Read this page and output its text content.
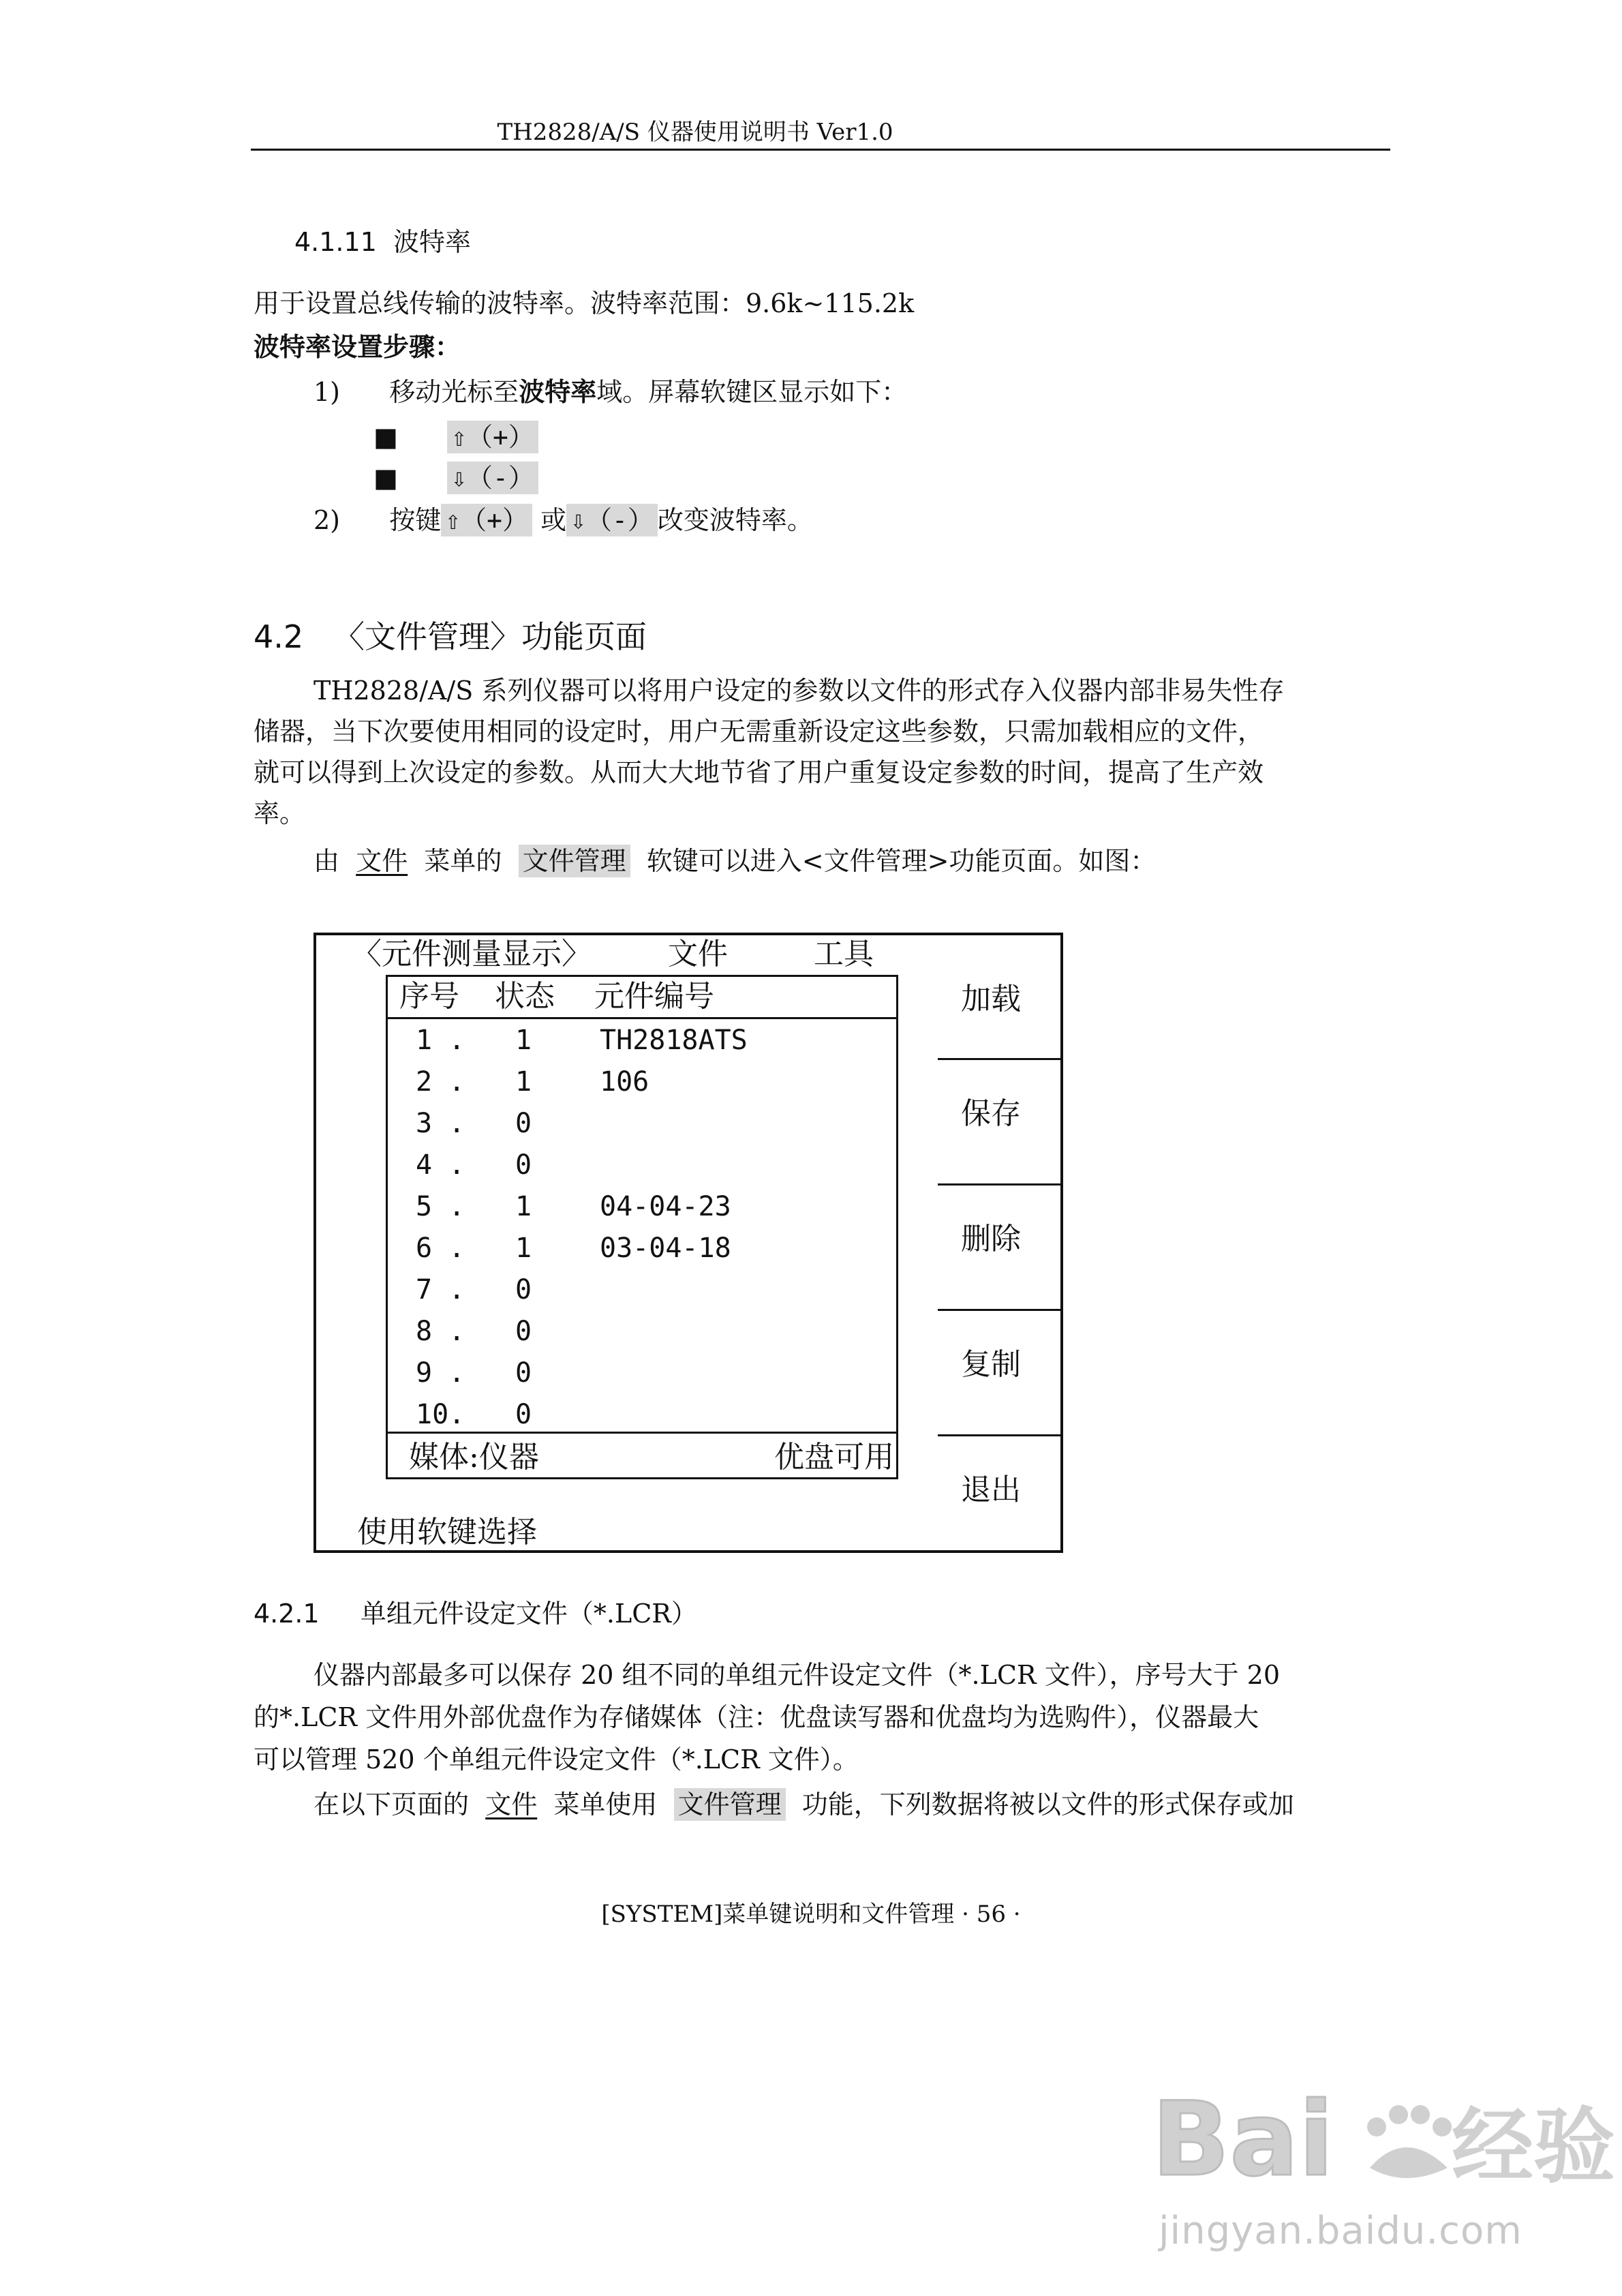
TH2828/A/S 仪器使用说明书 Ver1.0
4.1.11 波特率
用于设置总线传输的波特率。波特率范围：9.6k~115.2k
波特率设置步骤：
1) 移动光标至波特率域。屏幕软键区显示如下：
■ ⇧（+）
■ ⇩（-）
2) 按键 ⇧（+） 或 ⇩（-） 改变波特率。
4.2 〈文件管理〉功能页面
TH2828/A/S 系列仪器可以将用户设定的参数以文件的形式存入仪器内部非易失性存
储器，当下次要使用相同的设定时，用户无需重新设定这些参数，只需加载相应的文件，
就可以得到上次设定的参数。从而大大地节省了用户重复设定参数的时间，提高了生产效
率。
由 文件 菜单的 文件管理 软键可以进入<文件管理>功能页面。如图：
〈元件测量显示〉	文件	工具
序号 状态 元件编号
1 . 1 TH2818ATS
2 . 1 106
3 . 0
4 . 0
5 . 1 04-04-23
6 . 1 03-04-18
7 . 0
8 . 0
9 . 0
10. 0
媒体:仪器	优盘可用
使用软键选择
加载
保存
删除
复制
退出
4.2.1 单组元件设定文件（*.LCR）
仪器内部最多可以保存 20 组不同的单组元件设定文件（*.LCR 文件），序号大于 20
的*.LCR 文件用外部优盘作为存储媒体（注：优盘读写器和优盘均为选购件），仪器最大
可以管理 520 个单组元件设定文件（*.LCR 文件）。
在以下页面的 文件 菜单使用 文件管理 功能，下列数据将被以文件的形式保存或加
[SYSTEM]菜单键说明和文件管理 · 56 ·
Bai 经验
jingyan.baidu.com
